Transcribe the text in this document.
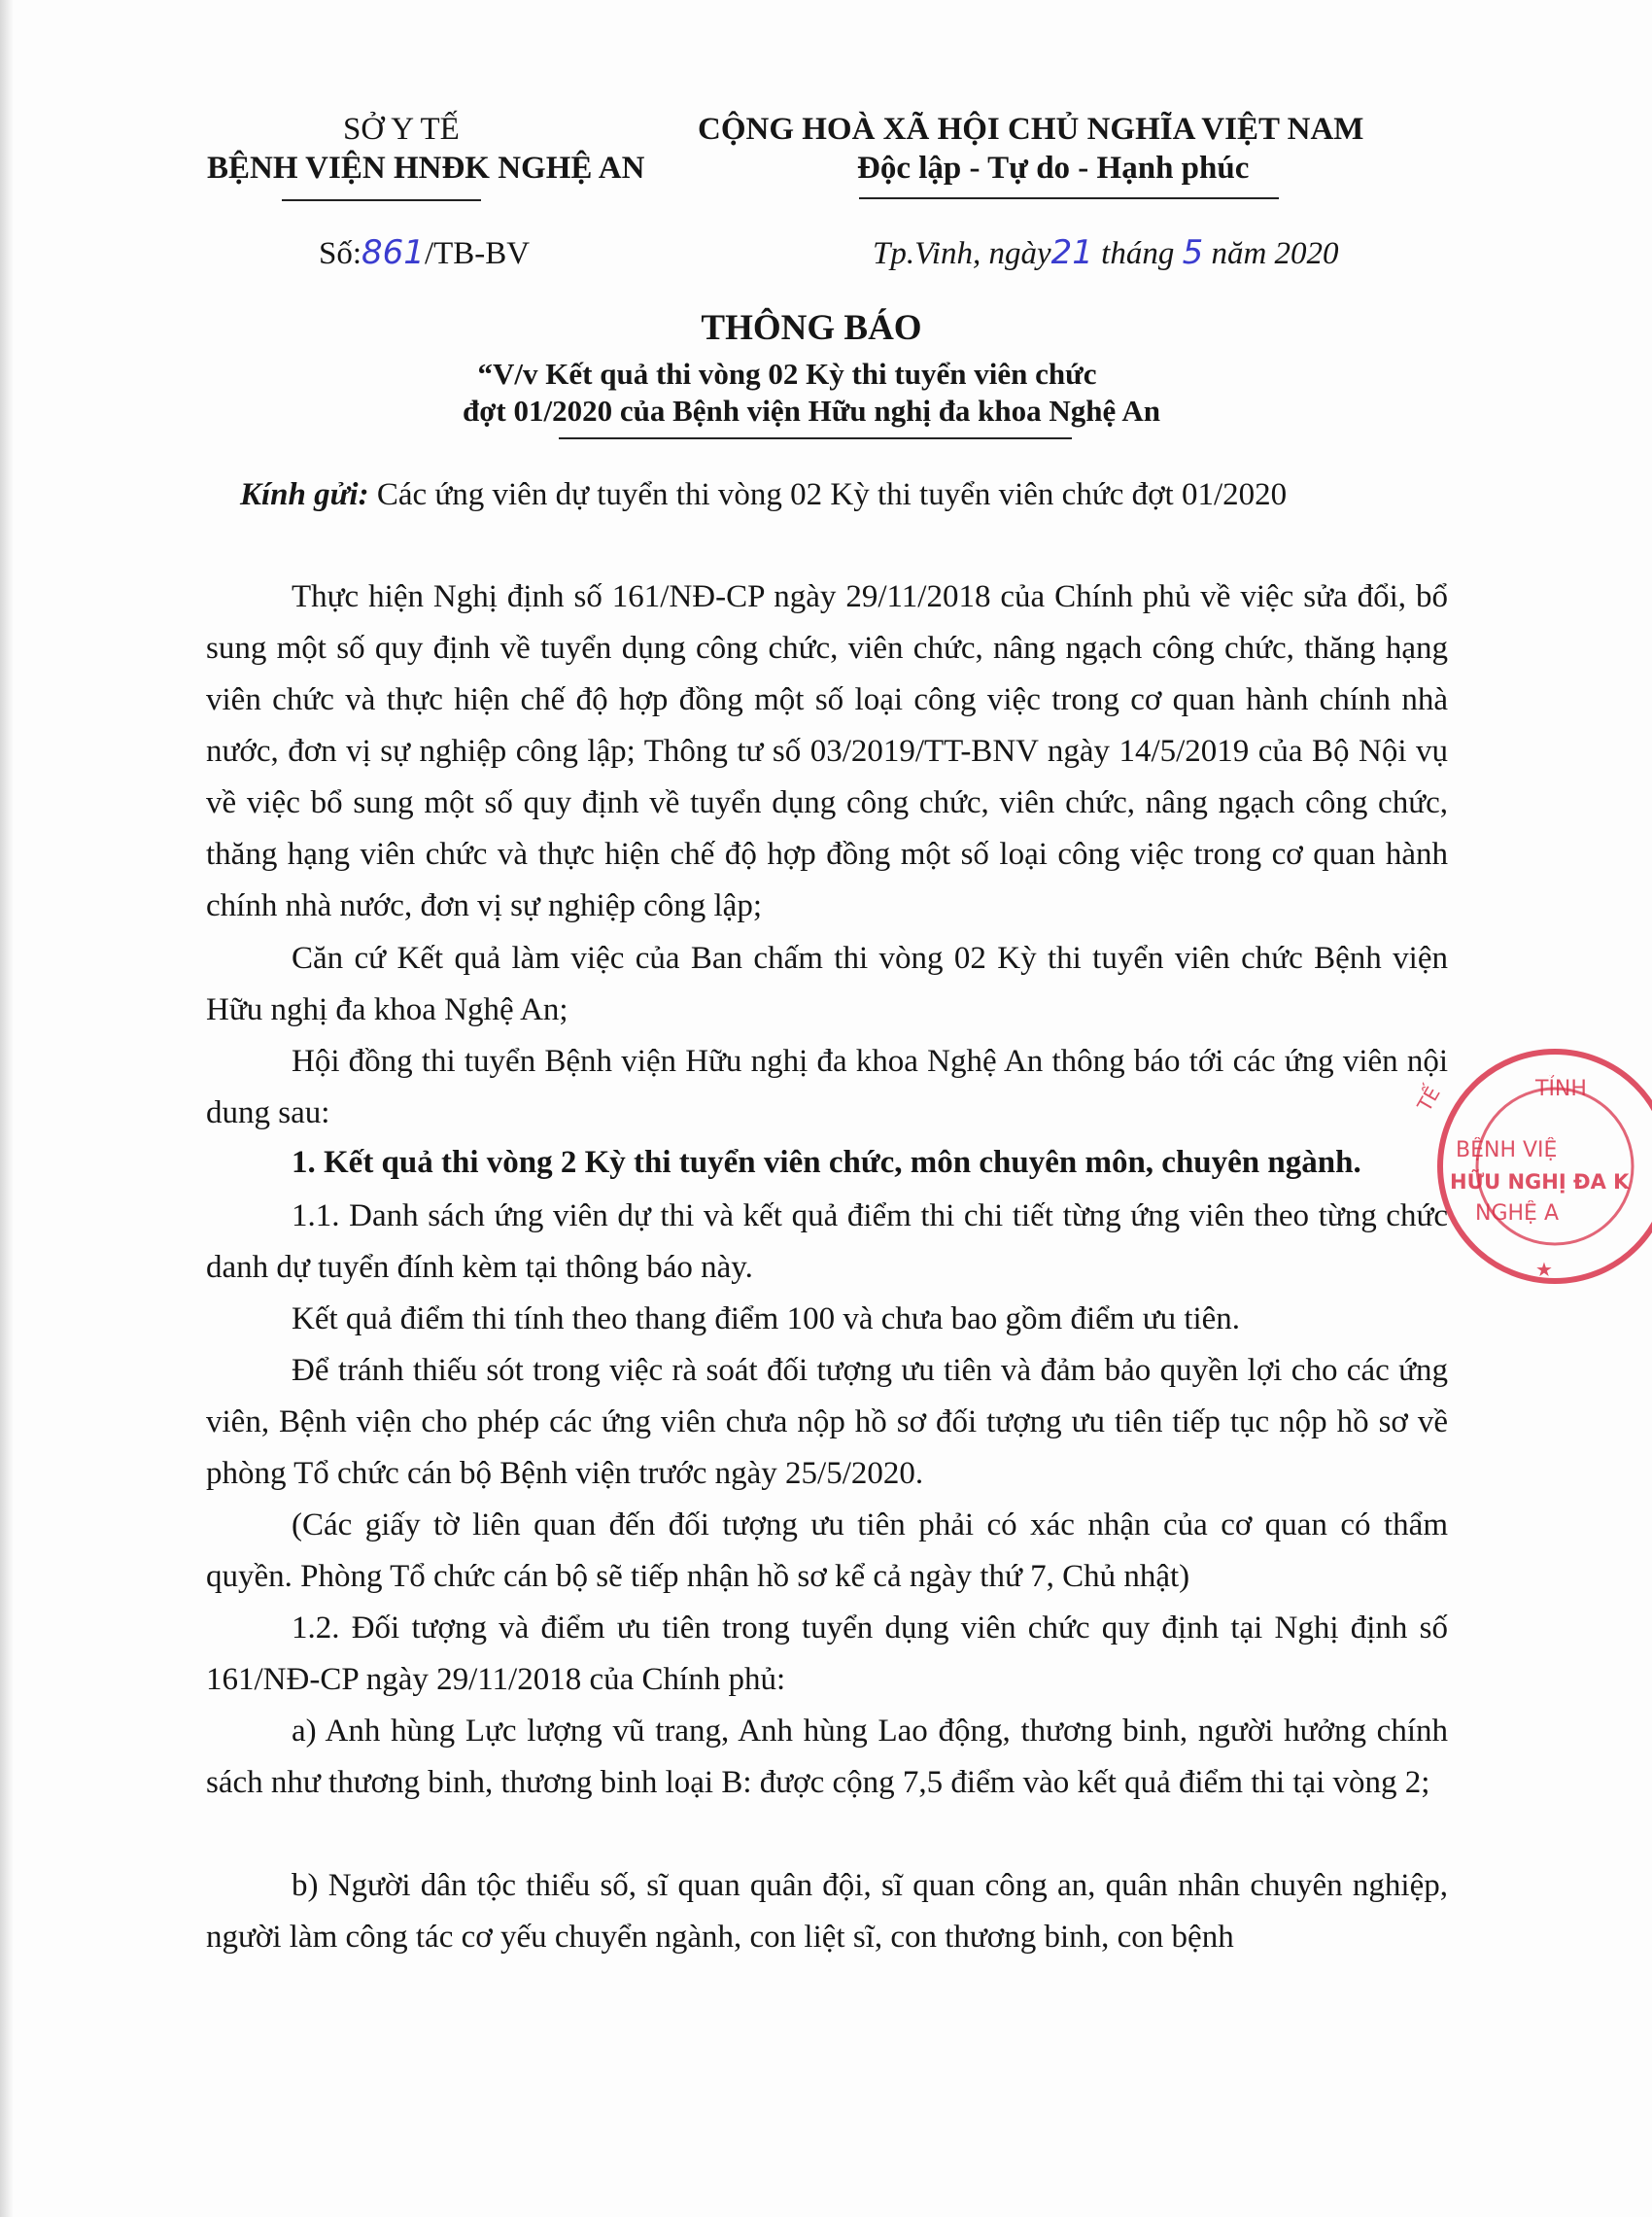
SỞ Y TẾ
BỆNH VIỆN HNĐK NGHỆ AN
CỘNG HOÀ XÃ HỘI CHỦ NGHĨA VIỆT NAM
Độc lập - Tự do - Hạnh phúc
Số:861/TB-BV	Tp.Vinh, ngày21 tháng 5 năm 2020
THÔNG BÁO
“V/v Kết quả thi vòng 02 Kỳ thi tuyển viên chức
đợt 01/2020 của Bệnh viện Hữu nghị đa khoa Nghệ An
Kính gửi: Các ứng viên dự tuyển thi vòng 02 Kỳ thi tuyển viên chức đợt 01/2020
Thực hiện Nghị định số 161/NĐ-CP ngày 29/11/2018 của Chính phủ về việc sửa đổi, bổ sung một số quy định về tuyển dụng công chức, viên chức, nâng ngạch công chức, thăng hạng viên chức và thực hiện chế độ hợp đồng một số loại công việc trong cơ quan hành chính nhà nước, đơn vị sự nghiệp công lập; Thông tư số 03/2019/TT-BNV ngày 14/5/2019 của Bộ Nội vụ về việc bổ sung một số quy định về tuyển dụng công chức, viên chức, nâng ngạch công chức, thăng hạng viên chức và thực hiện chế độ hợp đồng một số loại công việc trong cơ quan hành chính nhà nước, đơn vị sự nghiệp công lập;
Căn cứ Kết quả làm việc của Ban chấm thi vòng 02 Kỳ thi tuyển viên chức Bệnh viện Hữu nghị đa khoa Nghệ An;
Hội đồng thi tuyển Bệnh viện Hữu nghị đa khoa Nghệ An thông báo tới các ứng viên nội dung sau:
1. Kết quả thi vòng 2 Kỳ thi tuyển viên chức, môn chuyên môn, chuyên ngành.
1.1. Danh sách ứng viên dự thi và kết quả điểm thi chi tiết từng ứng viên theo từng chức danh dự tuyển đính kèm tại thông báo này.
Kết quả điểm thi tính theo thang điểm 100 và chưa bao gồm điểm ưu tiên.
Để tránh thiếu sót trong việc rà soát đối tượng ưu tiên và đảm bảo quyền lợi cho các ứng viên, Bệnh viện cho phép các ứng viên chưa nộp hồ sơ đối tượng ưu tiên tiếp tục nộp hồ sơ về phòng Tổ chức cán bộ Bệnh viện trước ngày 25/5/2020.
(Các giấy tờ liên quan đến đối tượng ưu tiên phải có xác nhận của cơ quan có thẩm quyền. Phòng Tổ chức cán bộ sẽ tiếp nhận hồ sơ kể cả ngày thứ 7, Chủ nhật)
1.2. Đối tượng và điểm ưu tiên trong tuyển dụng viên chức quy định tại Nghị định số 161/NĐ-CP ngày 29/11/2018 của Chính phủ:
a) Anh hùng Lực lượng vũ trang, Anh hùng Lao động, thương binh, người hưởng chính sách như thương binh, thương binh loại B: được cộng 7,5 điểm vào kết quả điểm thi tại vòng 2;
b) Người dân tộc thiểu số, sĩ quan quân đội, sĩ quan công an, quân nhân chuyên nghiệp, người làm công tác cơ yếu chuyển ngành, con liệt sĩ, con thương binh, con bệnh
TỈNH
TẾ
BỆNH VIỆ
HỮU NGHỊ ĐA K
NGHỆ A
★
